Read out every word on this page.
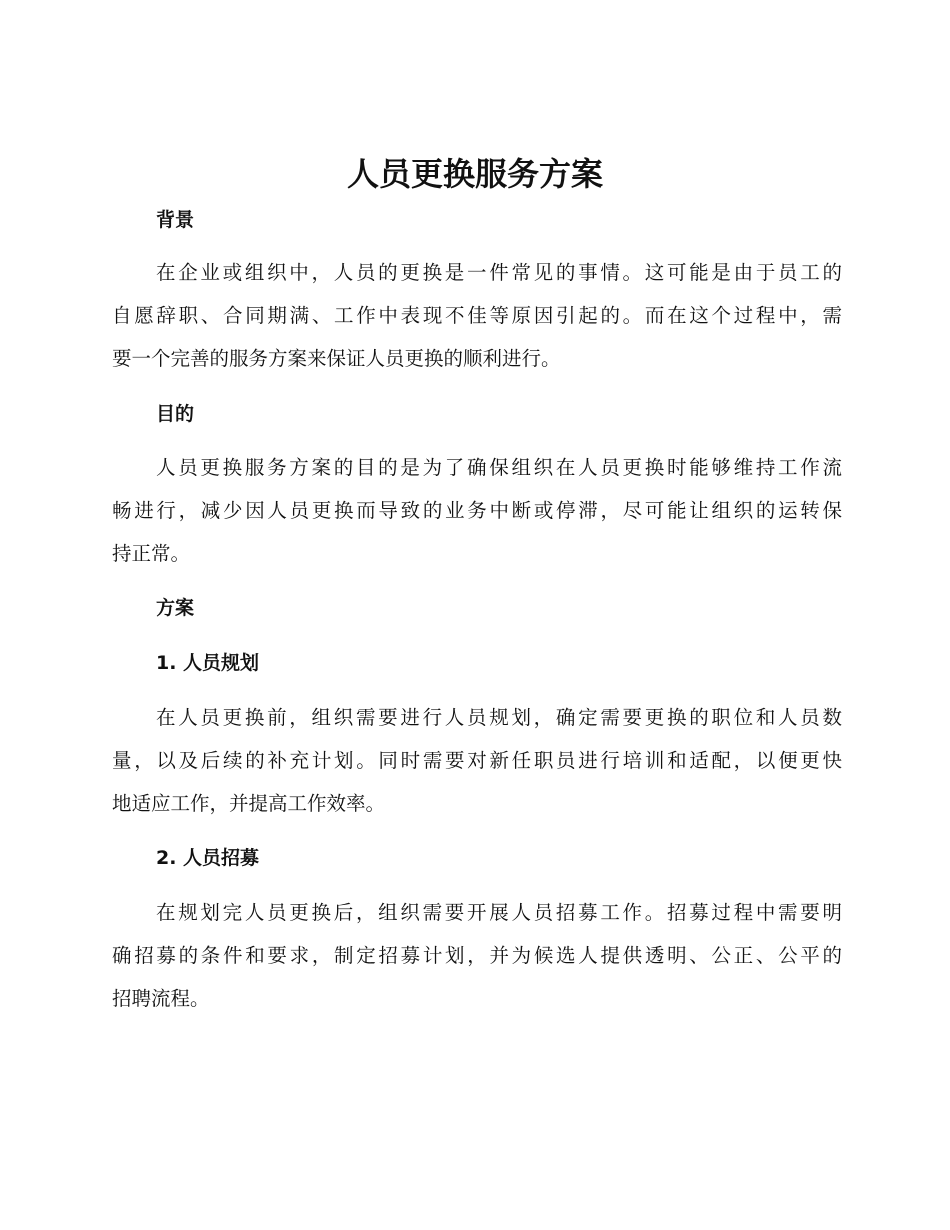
人员更换服务方案
背景
在企业或组织中，人员的更换是一件常见的事情。这可能是由于员工的
自愿辞职、合同期满、工作中表现不佳等原因引起的。而在这个过程中，需
要一个完善的服务方案来保证人员更换的顺利进行。
目的
人员更换服务方案的目的是为了确保组织在人员更换时能够维持工作流
畅进行，减少因人员更换而导致的业务中断或停滞，尽可能让组织的运转保
持正常。
方案
1. 人员规划
在人员更换前，组织需要进行人员规划，确定需要更换的职位和人员数
量，以及后续的补充计划。同时需要对新任职员进行培训和适配，以便更快
地适应工作，并提高工作效率。
2. 人员招募
在规划完人员更换后，组织需要开展人员招募工作。招募过程中需要明
确招募的条件和要求，制定招募计划，并为候选人提供透明、公正、公平的
招聘流程。
